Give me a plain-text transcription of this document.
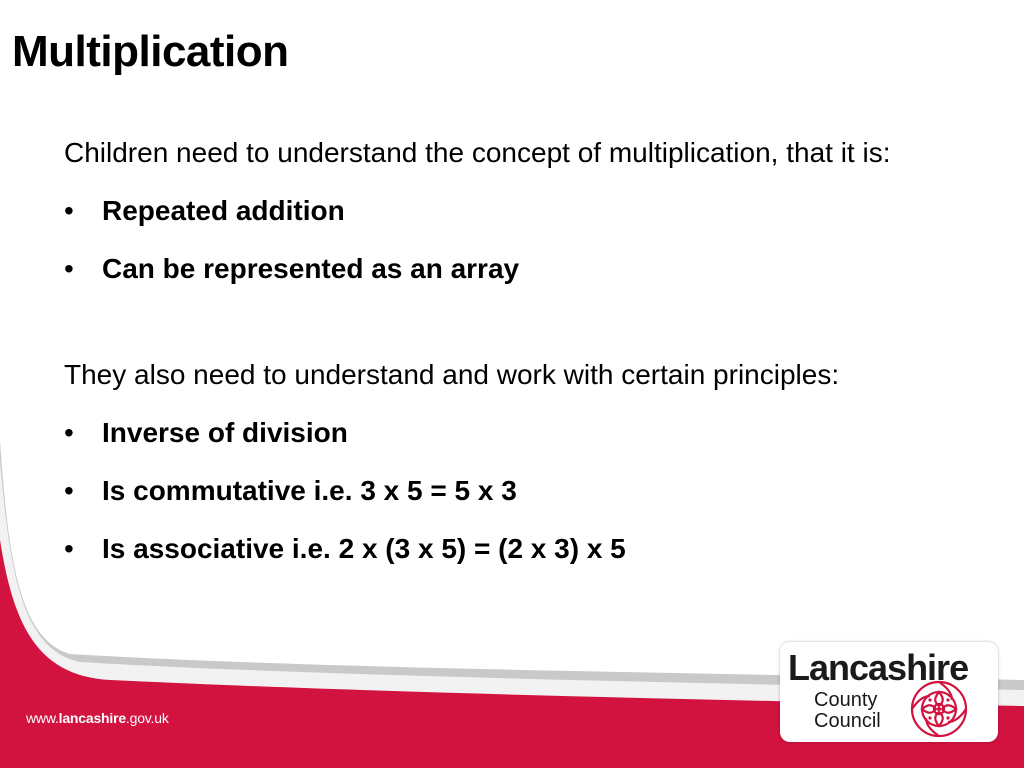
Multiplication

Children need to understand the concept of multiplication, that it is:

• Repeated addition
• Can be represented as an array

They also need to understand and work with certain principles:

• Inverse of division
• Is commutative i.e. 3 x 5 = 5 x 3
• Is associative i.e. 2 x (3 x 5) = (2 x 3) x 5
www.lancashire.gov.uk
Lancashire
County
Council
